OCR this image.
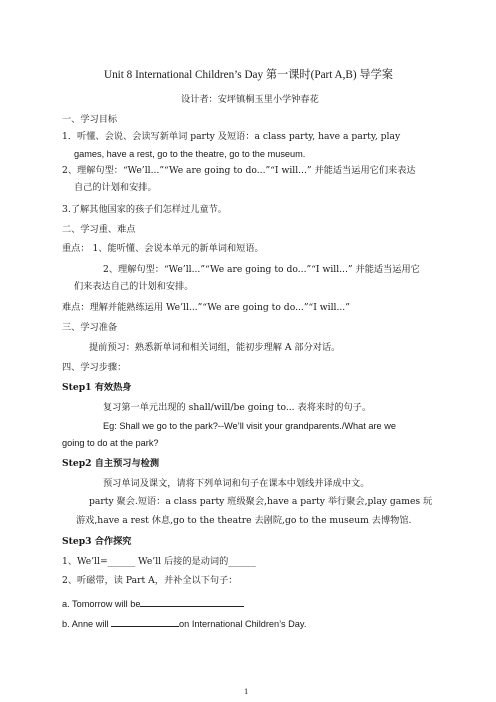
Unit 8 International Children’s Day 第一课时(Part A,B) 导学案
设计者：安坪镇桐玉里小学钟春花
一、学习目标
1．听懂、会说、会读写新单词 party 及短语：a class party, have a party, play
games, have a rest, go to the theatre, go to the museum.
2、理解句型：“We’ll...”“We are going to do...”“I will...” 并能适当运用它们来表达
自己的计划和安排。
3.了解其他国家的孩子们怎样过儿童节。
二、学习重、难点
重点： 1、能听懂、会说本单元的新单词和短语。
2、理解句型：“We’ll...”“We are going to do...”“I will...” 并能适当运用它
们来表达自己的计划和安排。
难点：理解并能熟练运用 We’ll...”“We are going to do...”“I will...”
三、学习准备
提前预习：熟悉新单词和相关词组，能初步理解 A 部分对话。
四、学习步骤：
Step1 有效热身
复习第一单元出现的 shall/will/be going to... 表将来时的句子。
Eg: Shall we go to the park?--We’ll visit your grandparents./What are we
going to do at the park?
Step2 自主预习与检测
预习单词及课文，请将下列单词和句子在课本中划线并译成中文。
party 聚会.短语：a class party 班级聚会,have a party 举行聚会,play games 玩
游戏,have a rest 休息,go to the theatre 去剧院,go to the museum 去博物馆.
Step3 合作探究
1、We’ll=______ We’ll 后接的是动词的______
2、听磁带，读 Part A，并补全以下句子：
a. Tomorrow will be
b. Anne will	on International Children’s Day.
1
